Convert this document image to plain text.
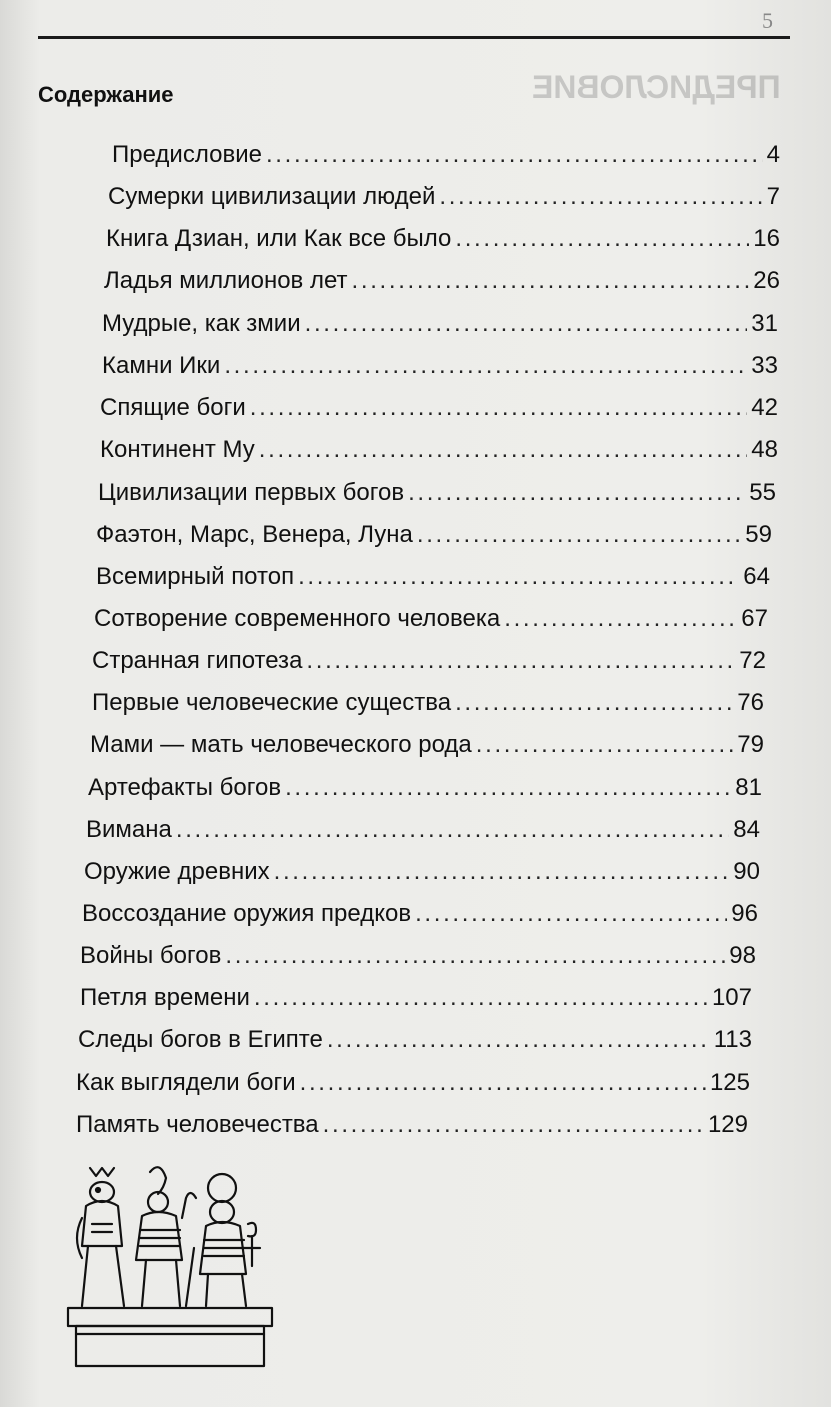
5
ПРЕДИСЛОВИЕ
Содержание
Предисловие . . .	4
Сумерки цивилизации людей . . .	7
Книга Дзиан, или Как все было . . .	16
Ладья миллионов лет . . .	26
Мудрые, как змии . . .	31
Камни Ики . . .	33
Спящие боги . . .	42
Континент Му . . .	48
Цивилизации первых богов . . .	55
Фаэтон, Марс, Венера, Луна . . .	59
Всемирный потоп . . .	64
Сотворение современного человека . . .	67
Странная гипотеза . . .	72
Первые человеческие существа . . .	76
Мами — мать человеческого рода . . .	79
Артефакты богов . . .	81
Вимана . . .	84
Оружие древних . . .	90
Воссоздание оружия предков . . .	96
Войны богов . . .	98
Петля времени . . .	107
Следы богов в Египте . . .	113
Как выглядели боги . . .	125
Память человечества . . .	129
